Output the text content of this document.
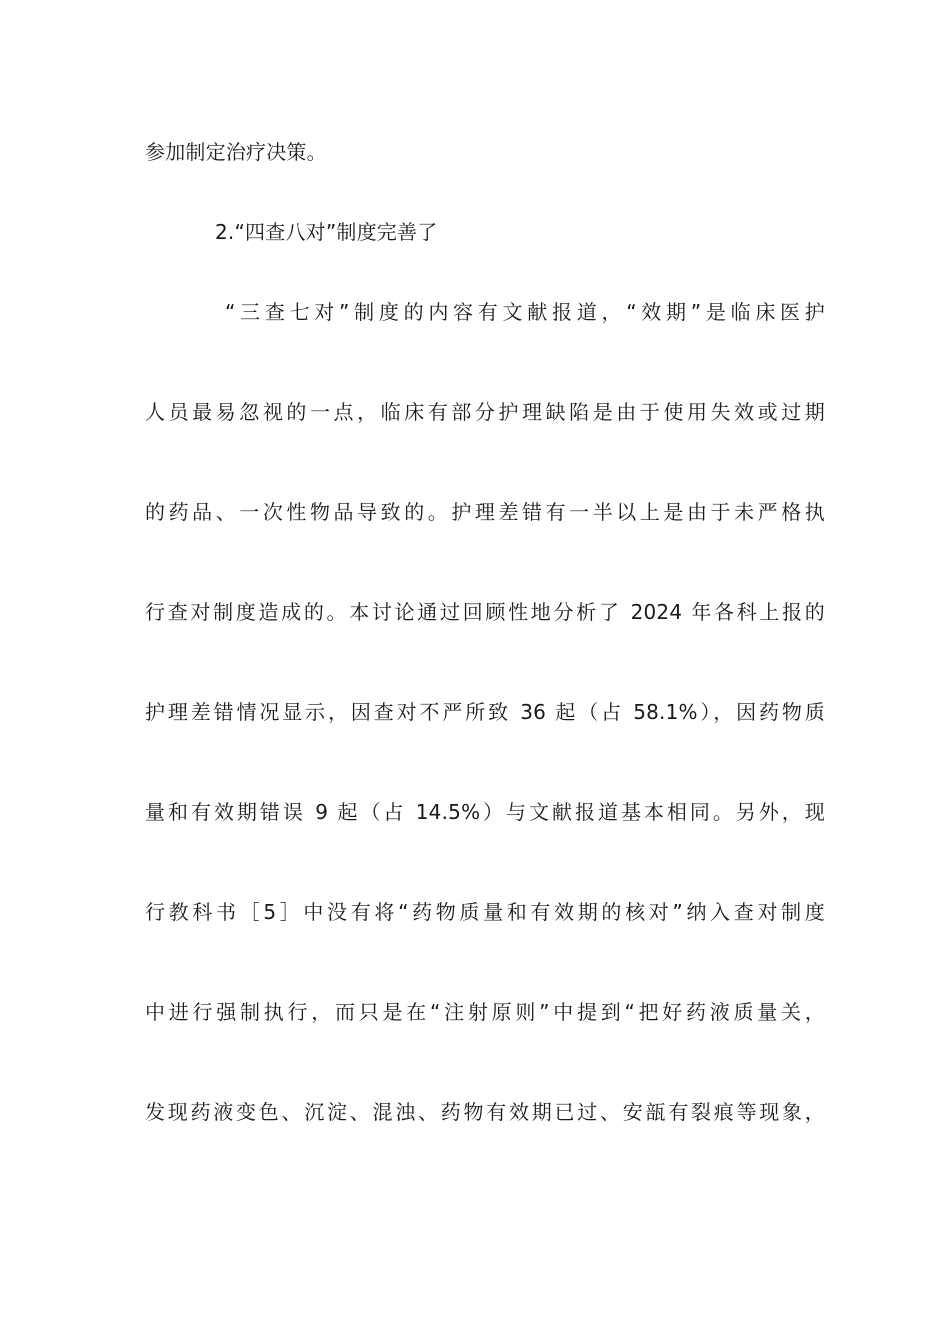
参加制定治疗决策。
2.“四查八对”制度完善了
“三查七对”制度的内容有文献报道，“效期”是临床医护
人员最易忽视的一点，临床有部分护理缺陷是由于使用失效或过期
的药品、一次性物品导致的。护理差错有一半以上是由于未严格执
行查对制度造成的。本讨论通过回顾性地分析了 2024 年各科上报的
护理差错情况显示，因查对不严所致 36 起（占 58.1%），因药物质
量和有效期错误 9 起（占 14.5%）与文献报道基本相同。另外，现
行教科书［5］中没有将“药物质量和有效期的核对”纳入查对制度
中进行强制执行，而只是在“注射原则”中提到“把好药液质量关，
发现药液变色、沉淀、混浊、药物有效期已过、安瓿有裂痕等现象，
